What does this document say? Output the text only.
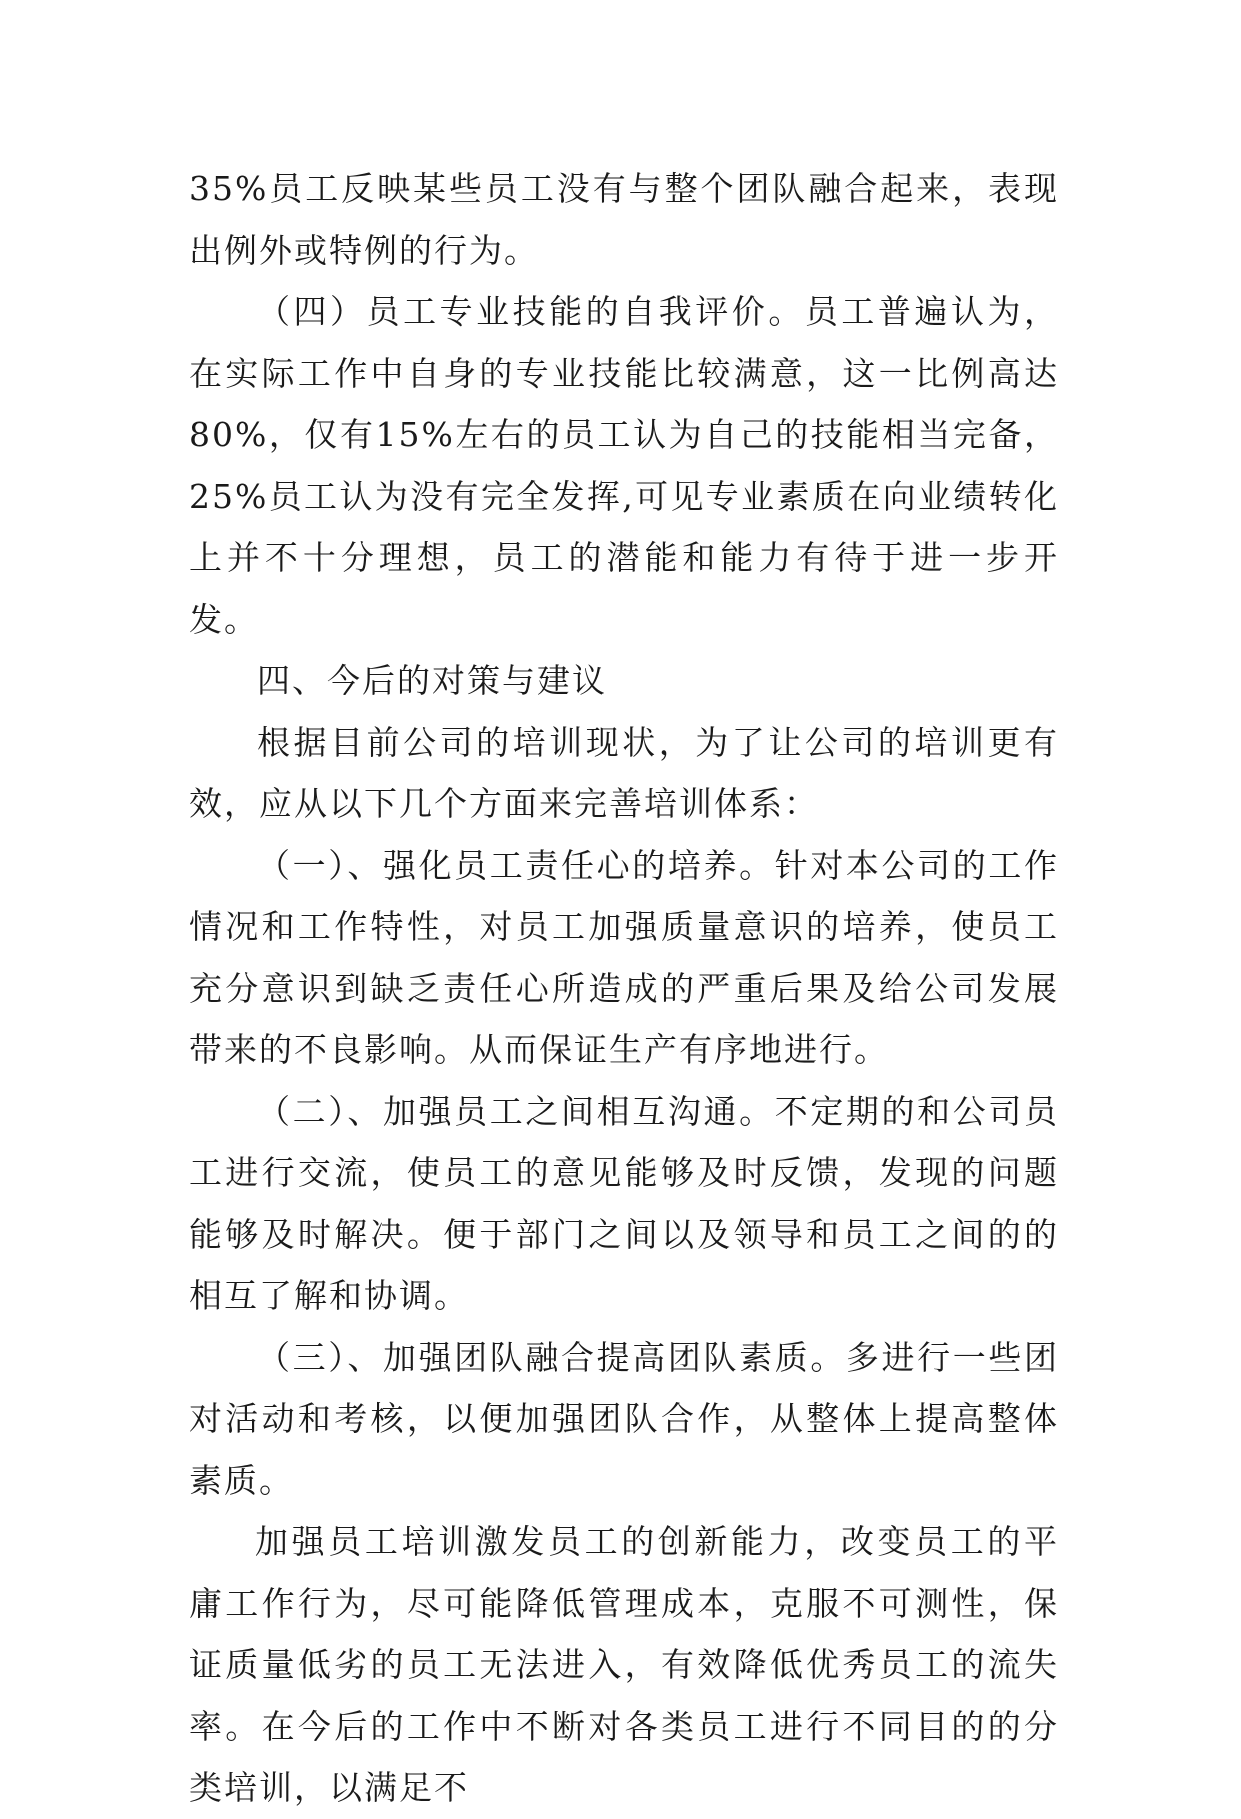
35%员工反映某些员工没有与整个团队融合起来，表现出例外或特例的行为。

（四）员工专业技能的自我评价。员工普遍认为，在实际工作中自身的专业技能比较满意，这一比例高达80%，仅有15%左右的员工认为自己的技能相当完备，25%员工认为没有完全发挥,可见专业素质在向业绩转化上并不十分理想，员工的潜能和能力有待于进一步开发。

四、今后的对策与建议

根据目前公司的培训现状，为了让公司的培训更有效，应从以下几个方面来完善培训体系：

（一）、强化员工责任心的培养。针对本公司的工作情况和工作特性，对员工加强质量意识的培养，使员工充分意识到缺乏责任心所造成的严重后果及给公司发展带来的不良影响。从而保证生产有序地进行。

（二）、加强员工之间相互沟通。不定期的和公司员工进行交流，使员工的意见能够及时反馈，发现的问题能够及时解决。便于部门之间以及领导和员工之间的的相互了解和协调。

（三）、加强团队融合提高团队素质。多进行一些团对活动和考核，以便加强团队合作，从整体上提高整体素质。

加强员工培训激发员工的创新能力，改变员工的平庸工作行为，尽可能降低管理成本，克服不可测性，保证质量低劣的员工无法进入，有效降低优秀员工的流失率。在今后的工作中不断对各类员工进行不同目的的分类培训，以满足不
